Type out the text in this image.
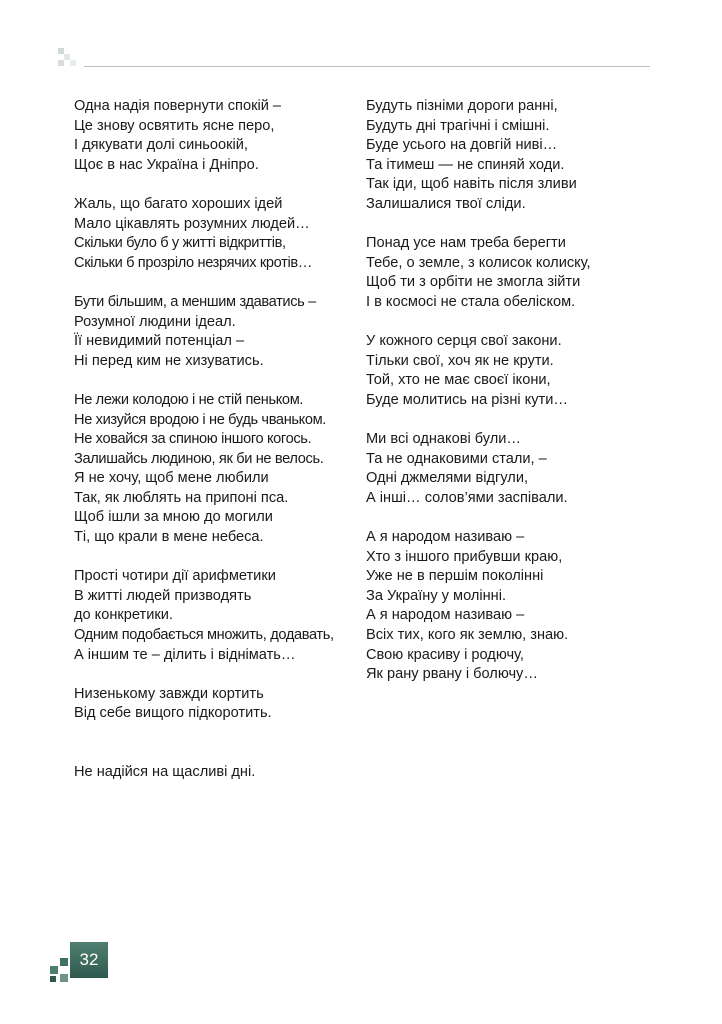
Одна надія повернути спокій –
Це знову освятить ясне перо,
І дякувати долі синьоокій,
Щоє в нас Україна і Дніпро.
Жаль, що багато хороших ідей
Мало цікавлять розумних людей…
Скільки було б у житті відкриттів,
Скільки б прозріло незрячих кротів…
Бути більшим, а меншим здаватись –
Розумної людини ідеал.
Її невидимий потенціал –
Ні перед ким не хизуватись.
Не лежи колодою і не стій пеньком.
Не хизуйся вродою і не будь чваньком.
Не ховайся за спиною іншого когось.
Залишайсь людиною, як би не велось.
Я не хочу, щоб мене любили
Так, як люблять на припоні пса.
Щоб ішли за мною до могили
Ті, що крали в мене небеса.
Прості чотири дії арифметики
В житті людей призводять
до конкретики.
Одним подобається множить, додавать,
А іншим те – ділить і віднімать…
Низенькому завжди кортить
Від себе вищого підкоротить.
Не надійся на щасливі дні.
Будуть пізніми дороги ранні,
Будуть дні трагічні і смішні.
Буде усього на довгій ниві…
Та ітимеш — не спиняй ходи.
Так іди, щоб навіть після зливи
Залишалися твої сліди.
Понад усе нам треба берегти
Тебе, о земле, з колисок колиску,
Щоб ти з орбіти не змогла зійти
І в космосі не стала обеліском.
У кожного серця свої закони.
Тільки свої, хоч як не крути.
Той, хто не має своєї ікони,
Буде молитись на різні кути…
Ми всі однакові були…
Та не однаковими стали, –
Одні джмелями відгули,
А інші… солов’ями заспівали.
А я народом називаю –
Хто з іншого прибувши краю,
Уже не в першім поколінні
За Україну у молінні.
А я народом називаю –
Всіх тих, кого як землю, знаю.
Свою красиву і родючу,
Як рану рвану і болючу…
32
